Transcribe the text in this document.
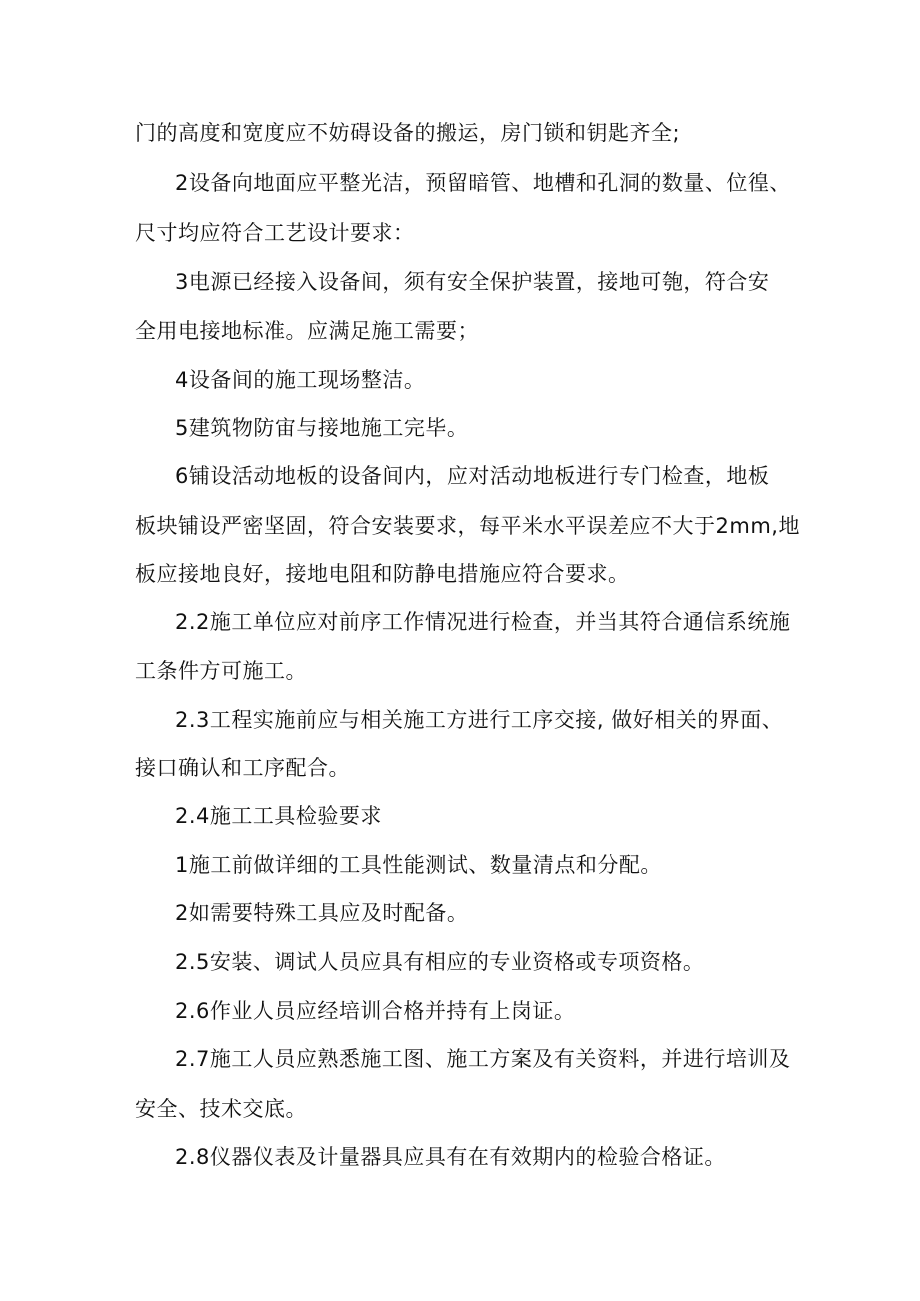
门的高度和宽度应不妨碍设备的搬运，房门锁和钥匙齐全;
2设备向地面应平整光洁，预留暗管、地槽和孔洞的数量、位徨、
尺寸均应符合工艺设计要求：
3电源已经接入设备间，须有安全保护装置，接地可匏，符合安
全用电接地标准。应满足施工需要；
4设备间的施工现场整洁。
5建筑物防宙与接地施工完毕。
6铺设活动地板的设备间内，应对活动地板进行专门检查，地板
板块铺设严密坚固，符合安装要求，每平米水平误差应不大于2mm,地
板应接地良好，接地电阻和防静电措施应符合要求。
2.2施工单位应对前序工作情况进行检查，并当其符合通信系统施
工条件方可施工。
2.3工程实施前应与相关施工方进行工序交接, 做好相关的界面、
接口确认和工序配合。
2.4施工工具检验要求
1施工前做详细的工具性能测试、数量清点和分配。
2如需要特殊工具应及时配备。
2.5安装、调试人员应具有相应的专业资格或专项资格。
2.6作业人员应经培训合格并持有上岗证。
2.7施工人员应熟悉施工图、施工方案及有关资料，并进行培训及
安全、技术交底。
2.8仪器仪表及计量器具应具有在有效期内的检验合格证。
